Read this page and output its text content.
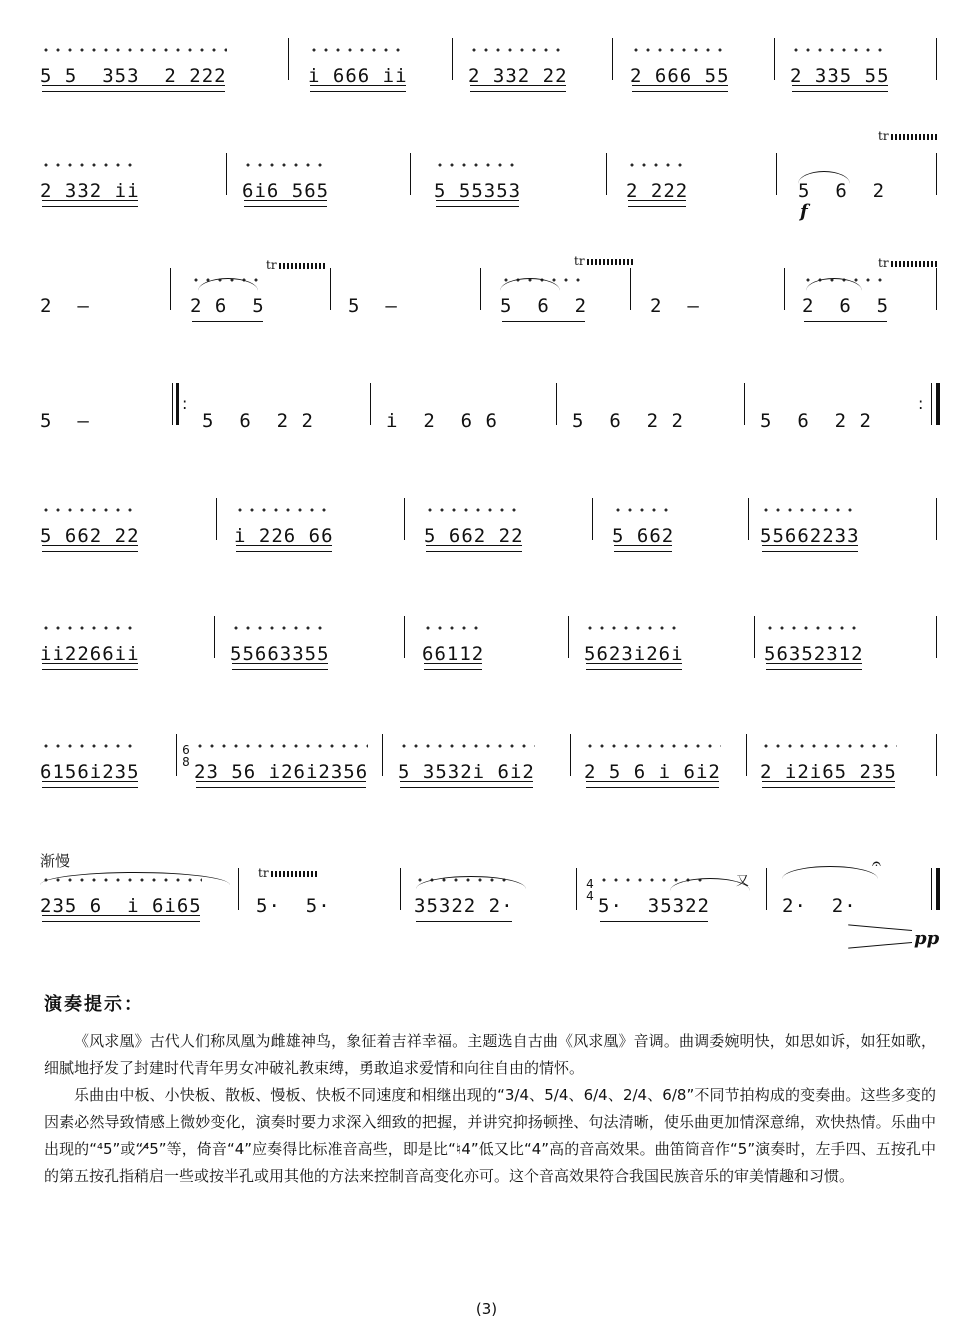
5 5  353  2 222	i 666 ii	2 332 22	2 666 55	2 335 55
2 332 ii	6i6 565	5 55353	2 222	5  6  2
tr
f
2  –	2 6  5
tr
5  –	5  6  2
tr
2  –	2  6  5
tr
5  –
:
5  6  2 2	i  2  6 6	5  6  2 2	5  6  2 2
:
5 662 22	i 226 66	5 662 22	5 662	55662233
ii2266ii	55663355	66112	5623i26i	56352312
6156i235
6
8 23 56 i26i2356 5 3532i 6i2	2 5 6 i 6i2 2 i2i65 235
渐慢
235 6  i 6i65
tr
5·  5·	35322 2·
4
4
又
5·  35322
𝄐
2·  2·
pp
演奏提示：

《风求凰》古代人们称凤凰为雌雄神鸟，象征着吉祥幸福。主题选自古曲《风求凰》音调。曲调委婉明快，如思如诉，如狂如歌，细腻地抒发了封建时代青年男女冲破礼教束缚，勇敢追求爱情和向往自由的情怀。

乐曲由中板、小快板、散板、慢板、快板不同速度和相继出现的“3/4、5/4、6/4、2/4、6/8”不同节拍构成的变奏曲。这些多变的因素必然导致情感上微妙变化，演奏时要力求深入细致的把握，并讲究抑扬顿挫、句法清晰，使乐曲更加情深意绵，欢快热情。乐曲中出现的“⁴5”或“⁴̸5”等，倚音“4”应奏得比标准音高些，即是比“♮4”低又比“4”高的音高效果。曲笛筒音作“5”演奏时，左手四、五按孔中的第五按孔指稍启一些或按半孔或用其他的方法来控制音高变化亦可。这个音高效果符合我国民族音乐的审美情趣和习惯。

(3)
